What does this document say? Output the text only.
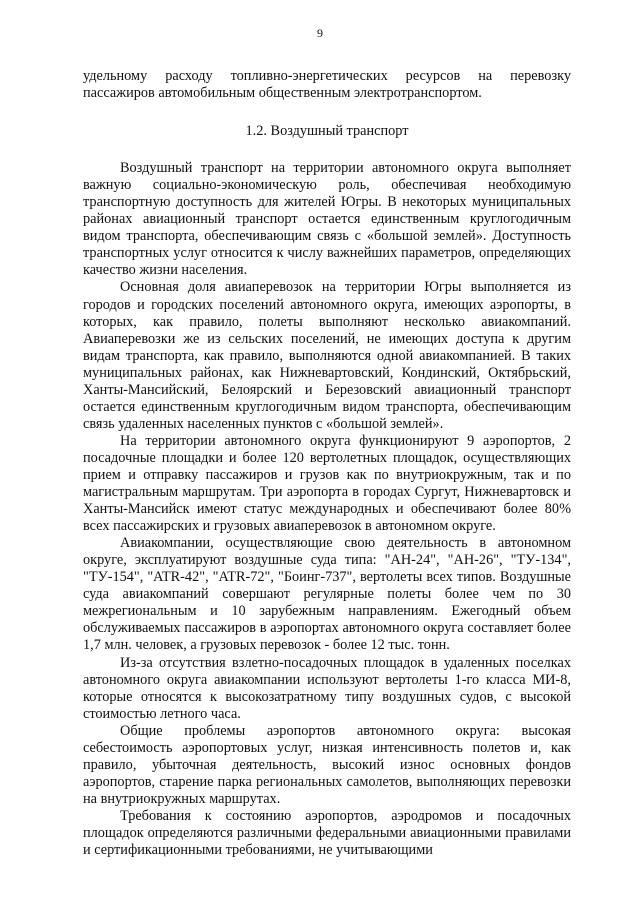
9

удельному расходу топливно-энергетических ресурсов на перевозку пассажиров автомобильным общественным электротранспортом.

1.2. Воздушный транспорт

Воздушный транспорт на территории автономного округа выполняет важную социально-экономическую роль, обеспечивая необходимую транспортную доступность для жителей Югры. В некоторых муниципальных районах авиационный транспорт остается единственным круглогодичным видом транспорта, обеспечивающим связь с «большой землей». Доступность транспортных услуг относится к числу важнейших параметров, определяющих качество жизни населения.

Основная доля авиаперевозок на территории Югры выполняется из городов и городских поселений автономного округа, имеющих аэропорты, в которых, как правило, полеты выполняют несколько авиакомпаний. Авиаперевозки же из сельских поселений, не имеющих доступа к другим видам транспорта, как правило, выполняются одной авиакомпанией. В таких муниципальных районах, как Нижневартовский, Кондинский, Октябрьский, Ханты-Мансийский, Белоярский и Березовский авиационный транспорт остается единственным круглогодичным видом транспорта, обеспечивающим связь удаленных населенных пунктов с «большой землей».

На территории автономного округа функционируют 9 аэропортов, 2 посадочные площадки и более 120 вертолетных площадок, осуществляющих прием и отправку пассажиров и грузов как по внутриокружным, так и по магистральным маршрутам. Три аэропорта в городах Сургут, Нижневартовск и Ханты-Мансийск имеют статус международных и обеспечивают более 80% всех пассажирских и грузовых авиаперевозок в автономном округе.

Авиакомпании, осуществляющие свою деятельность в автономном округе, эксплуатируют воздушные суда типа: "АН-24", "АН-26", "ТУ-134", "ТУ-154", "ATR-42", "ATR-72", "Боинг-737", вертолеты всех типов. Воздушные суда авиакомпаний совершают регулярные полеты более чем по 30 межрегиональным и 10 зарубежным направлениям. Ежегодный объем обслуживаемых пассажиров в аэропортах автономного округа составляет более 1,7 млн. человек, а грузовых перевозок - более 12 тыс. тонн.

Из-за отсутствия взлетно-посадочных площадок в удаленных поселках автономного округа авиакомпании используют вертолеты 1-го класса МИ-8, которые относятся к высокозатратному типу воздушных судов, с высокой стоимостью летного часа.

Общие проблемы аэропортов автономного округа: высокая себестоимость аэропортовых услуг, низкая интенсивность полетов и, как правило, убыточная деятельность, высокий износ основных фондов аэропортов, старение парка региональных самолетов, выполняющих перевозки на внутриокружных маршрутах.

Требования к состоянию аэропортов, аэродромов и посадочных площадок определяются различными федеральными авиационными правилами и сертификационными требованиями, не учитывающими
